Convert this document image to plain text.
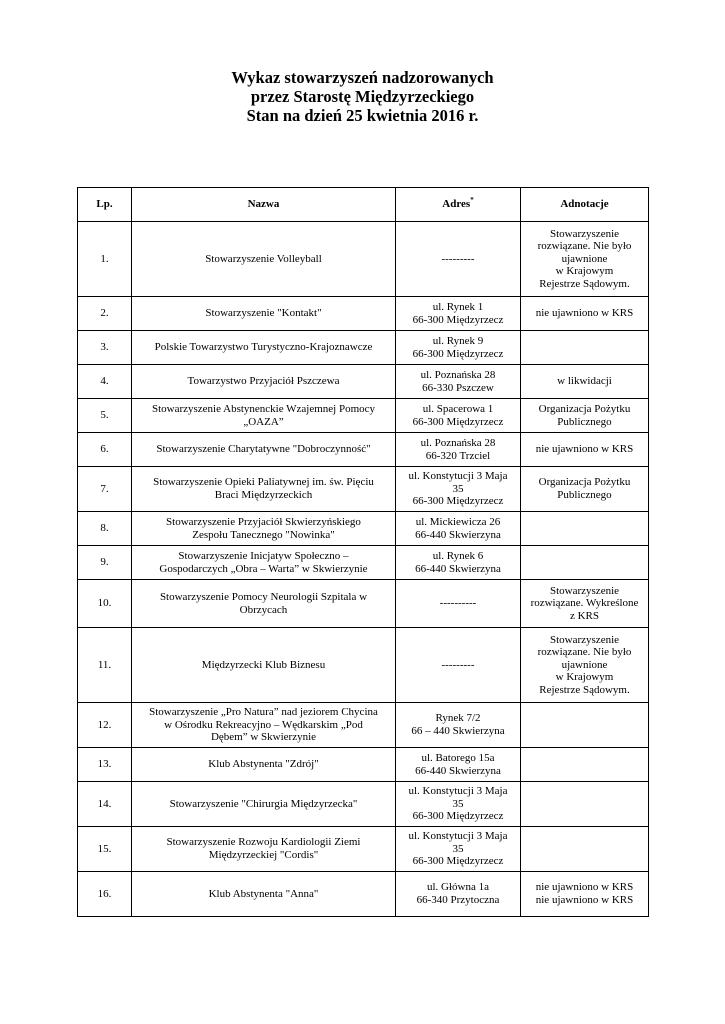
Wykaz stowarzyszeń nadzorowanych
przez Starostę Międzyrzeckiego
Stan na dzień 25 kwietnia 2016 r.
Lp.	Nazwa	Adres*	Adnotacje
1.	Stowarzyszenie Volleyball	---------	Stowarzyszenie
rozwiązane. Nie było
ujawnione
w Krajowym
Rejestrze Sądowym.

2.	Stowarzyszenie "Kontakt"	ul. Rynek 1
66-300 Międzyrzecz	nie ujawniono w KRS

3.	Polskie Towarzystwo Turystyczno-Krajoznawcze	ul. Rynek 9
66-300 Międzyrzecz	

4.	Towarzystwo Przyjaciół Pszczewa	ul. Poznańska 28
66-330 Pszczew	w likwidacji

5.	Stowarzyszenie Abstynenckie Wzajemnej Pomocy
„OAZA”	ul. Spacerowa 1
66-300 Międzyrzecz	Organizacja Pożytku
Publicznego

6.	Stowarzyszenie Charytatywne "Dobroczynność"	ul. Poznańska 28
66-320 Trzciel	nie ujawniono w KRS

7.	Stowarzyszenie Opieki Paliatywnej im. św. Pięciu
Braci Międzyrzeckich	ul. Konstytucji 3 Maja
35
66-300 Międzyrzecz	Organizacja Pożytku
Publicznego

8.	Stowarzyszenie Przyjaciół Skwierzyńskiego
Zespołu Tanecznego "Nowinka"	ul. Mickiewicza 26
66-440 Skwierzyna	

9.	Stowarzyszenie Inicjatyw Społeczno –
Gospodarczych „Obra – Warta” w Skwierzynie	ul. Rynek 6
66-440 Skwierzyna	

10.	Stowarzyszenie Pomocy Neurologii Szpitala w
Obrzycach	----------	Stowarzyszenie
rozwiązane. Wykreślone
z KRS

11.	Międzyrzecki Klub Biznesu	---------	Stowarzyszenie
rozwiązane. Nie było
ujawnione
w Krajowym
Rejestrze Sądowym.

12.	Stowarzyszenie „Pro Natura” nad jeziorem Chycina
w Ośrodku Rekreacyjno – Wędkarskim „Pod
Dębem” w Skwierzynie	Rynek 7/2
66 – 440 Skwierzyna	

13.	Klub Abstynenta "Zdrój"	ul. Batorego 15a
66-440 Skwierzyna	

14.	Stowarzyszenie "Chirurgia Międzyrzecka"	ul. Konstytucji 3 Maja
35
66-300 Międzyrzecz	

15.	Stowarzyszenie Rozwoju Kardiologii Ziemi
Międzyrzeckiej "Cordis"	ul. Konstytucji 3 Maja
35
66-300 Międzyrzecz	

16.	Klub Abstynenta "Anna"	ul. Główna 1a
66-340 Przytoczna	nie ujawniono w KRS
nie ujawniono w KRS
